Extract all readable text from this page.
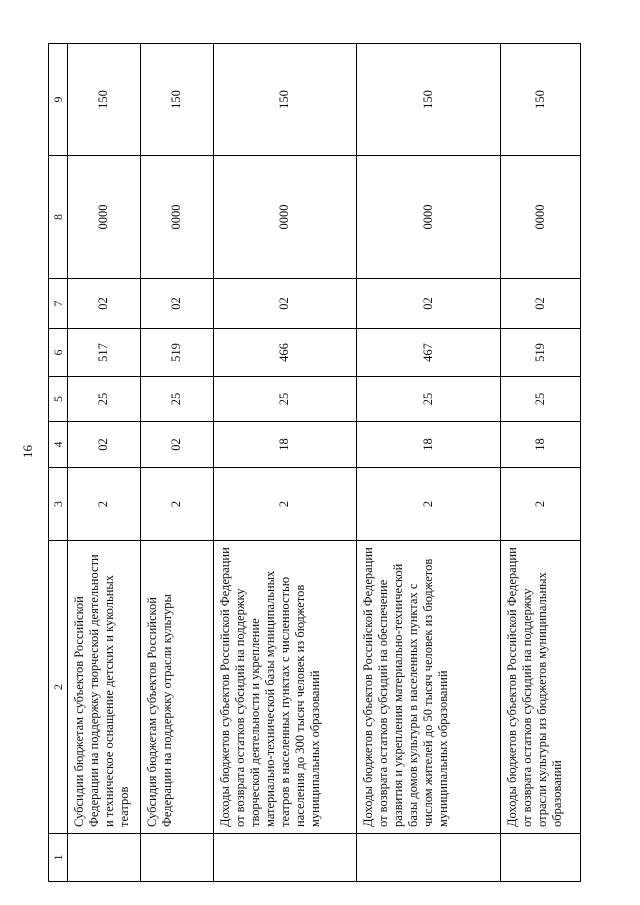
16
1	2	3	4	5	6	7	8	9
	Субсидии бюджетам субъектов Российской Федерации на поддержку творческой деятельности и техническое оснащение детских и кукольных театров	2	02	25	517	02	0000	150
	Субсидия бюджетам субъектов Российской Федерации на поддержку отрасли культуры	2	02	25	519	02	0000	150
	Доходы бюджетов субъектов Российской Федерации от возврата остатков субсидий на поддержку творческой деятельности и укрепление материально-технической базы муниципальных театров в населенных пунктах с численностью населения до 300 тысяч человек из бюджетов муниципальных образований	2	18	25	466	02	0000	150
	Доходы бюджетов субъектов Российской Федерации от возврата остатков субсидий на обеспечение развития и укрепления материально-технической базы домов культуры в населенных пунктах с числом жителей до 50 тысяч человек из бюджетов муниципальных образований	2	18	25	467	02	0000	150
	Доходы бюджетов субъектов Российской Федерации от возврата остатков субсидий на поддержку отрасли культуры из бюджетов муниципальных образований	2	18	25	519	02	0000	150
